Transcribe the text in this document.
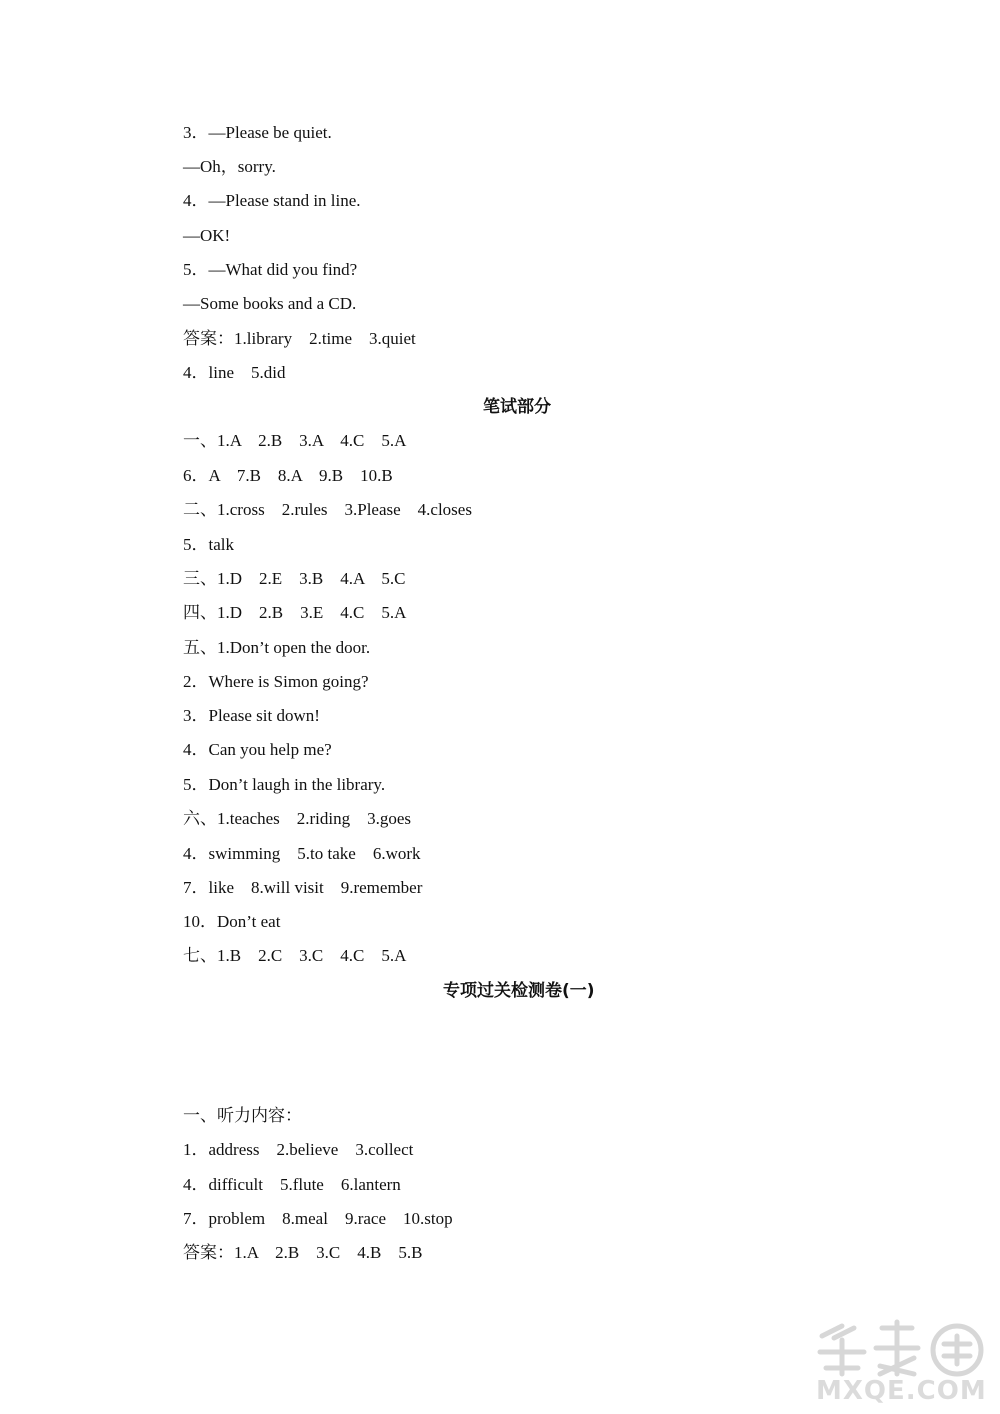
3．—Please be quiet.
—Oh，sorry.
4．—Please stand in line.
—OK!
5．—What did you find?
—Some books and a CD.
答案：1.library    2.time    3.quiet
4．line    5.did
笔试部分
一、1.A    2.B    3.A    4.C    5.A
6．A    7.B    8.A    9.B    10.B
二、1.cross    2.rules    3.Please    4.closes
5．talk
三、1.D    2.E    3.B    4.A    5.C
四、1.D    2.B    3.E    4.C    5.A
五、1.Don’t open the door.
2．Where is Simon going?
3．Please sit down!
4．Can you help me?
5．Don’t laugh in the library.
六、1.teaches    2.riding    3.goes
4．swimming    5.to take    6.work
7．like    8.will visit    9.remember
10．Don’t eat
七、1.B    2.C    3.C    4.C    5.A
专项过关检测卷(一)
一、听力内容：
1．address    2.believe    3.collect
4．difficult    5.flute    6.lantern
7．problem    8.meal    9.race    10.stop
答案：1.A    2.B    3.C    4.B    5.B
MXQE.COM
